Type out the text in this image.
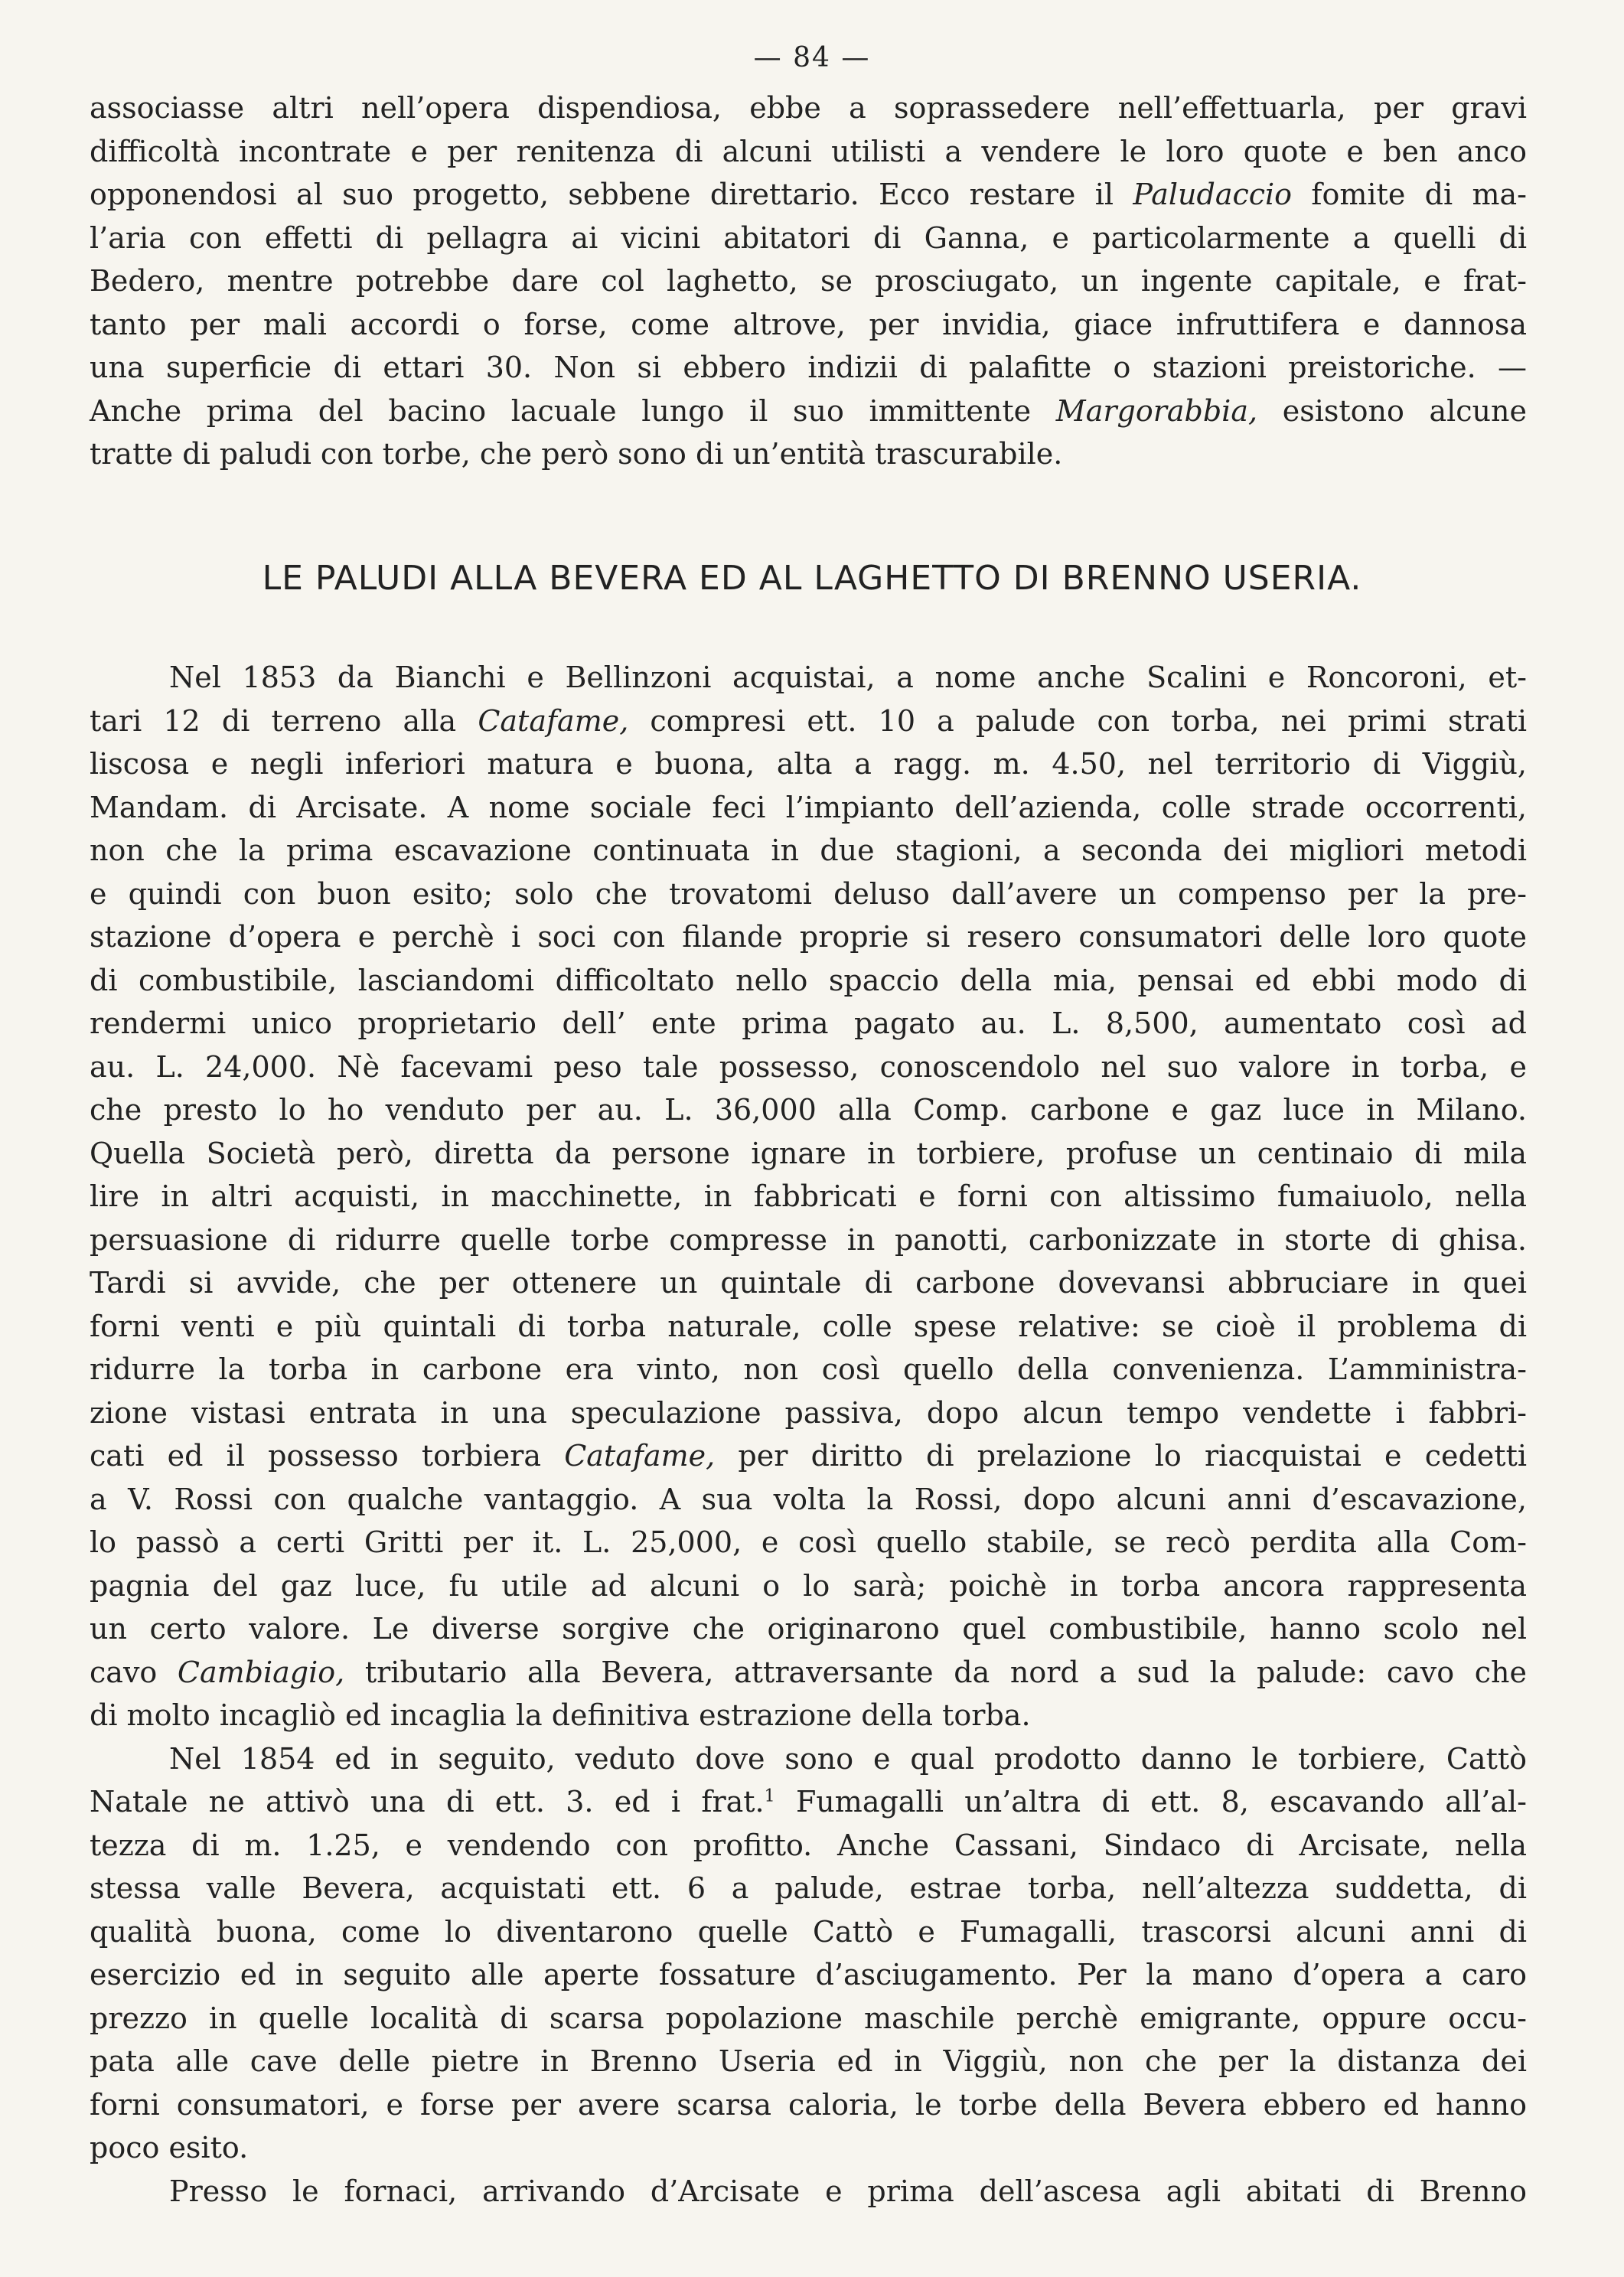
— 84 —
associasse altri nell’opera dispendiosa, ebbe a soprassedere nell’effettuarla, per gravi
difficoltà incontrate e per renitenza di alcuni utilisti a vendere le loro quote e ben anco
opponendosi al suo progetto, sebbene direttario. Ecco restare il Paludaccio fomite di ma-
l’aria con effetti di pellagra ai vicini abitatori di Ganna, e particolarmente a quelli di
Bedero, mentre potrebbe dare col laghetto, se prosciugato, un ingente capitale, e frat-
tanto per mali accordi o forse, come altrove, per invidia, giace infruttifera e dannosa
una superficie di ettari 30. Non si ebbero indizii di palafitte o stazioni preistoriche. —
Anche prima del bacino lacuale lungo il suo immittente Margorabbia, esistono alcune
tratte di paludi con torbe, che però sono di un’entità trascurabile.
LE PALUDI ALLA BEVERA ED AL LAGHETTO DI BRENNO USERIA.
Nel 1853 da Bianchi e Bellinzoni acquistai, a nome anche Scalini e Roncoroni, et-
tari 12 di terreno alla Catafame, compresi ett. 10 a palude con torba, nei primi strati
liscosa e negli inferiori matura e buona, alta a ragg. m. 4.50, nel territorio di Viggiù,
Mandam. di Arcisate. A nome sociale feci l’impianto dell’azienda, colle strade occorrenti,
non che la prima escavazione continuata in due stagioni, a seconda dei migliori metodi
e quindi con buon esito; solo che trovatomi deluso dall’avere un compenso per la pre-
stazione d’opera e perchè i soci con filande proprie si resero consumatori delle loro quote
di combustibile, lasciandomi difficoltato nello spaccio della mia, pensai ed ebbi modo di
rendermi unico proprietario dell’ ente prima pagato au. L. 8,500, aumentato così ad
au. L. 24,000. Nè facevami peso tale possesso, conoscendolo nel suo valore in torba, e
che presto lo ho venduto per au. L. 36,000 alla Comp. carbone e gaz luce in Milano.
Quella Società però, diretta da persone ignare in torbiere, profuse un centinaio di mila
lire in altri acquisti, in macchinette, in fabbricati e forni con altissimo fumaiuolo, nella
persuasione di ridurre quelle torbe compresse in panotti, carbonizzate in storte di ghisa.
Tardi si avvide, che per ottenere un quintale di carbone dovevansi abbruciare in quei
forni venti e più quintali di torba naturale, colle spese relative: se cioè il problema di
ridurre la torba in carbone era vinto, non così quello della convenienza. L’amministra-
zione vistasi entrata in una speculazione passiva, dopo alcun tempo vendette i fabbri-
cati ed il possesso torbiera Catafame, per diritto di prelazione lo riacquistai e cedetti
a V. Rossi con qualche vantaggio. A sua volta la Rossi, dopo alcuni anni d’escavazione,
lo passò a certi Gritti per it. L. 25,000, e così quello stabile, se recò perdita alla Com-
pagnia del gaz luce, fu utile ad alcuni o lo sarà; poichè in torba ancora rappresenta
un certo valore. Le diverse sorgive che originarono quel combustibile, hanno scolo nel
cavo Cambiagio, tributario alla Bevera, attraversante da nord a sud la palude: cavo che
di molto incagliò ed incaglia la definitiva estrazione della torba.
Nel 1854 ed in seguito, veduto dove sono e qual prodotto danno le torbiere, Cattò
Natale ne attivò una di ett. 3. ed i frat.$^1$ Fumagalli un’altra di ett. 8, escavando all’al-
tezza di m. 1.25, e vendendo con profitto. Anche Cassani, Sindaco di Arcisate, nella
stessa valle Bevera, acquistati ett. 6 a palude, estrae torba, nell’altezza suddetta, di
qualità buona, come lo diventarono quelle Cattò e Fumagalli, trascorsi alcuni anni di
esercizio ed in seguito alle aperte fossature d’asciugamento. Per la mano d’opera a caro
prezzo in quelle località di scarsa popolazione maschile perchè emigrante, oppure occu-
pata alle cave delle pietre in Brenno Useria ed in Viggiù, non che per la distanza dei
forni consumatori, e forse per avere scarsa caloria, le torbe della Bevera ebbero ed hanno
poco esito.
Presso le fornaci, arrivando d’Arcisate e prima dell’ascesa agli abitati di Brenno
